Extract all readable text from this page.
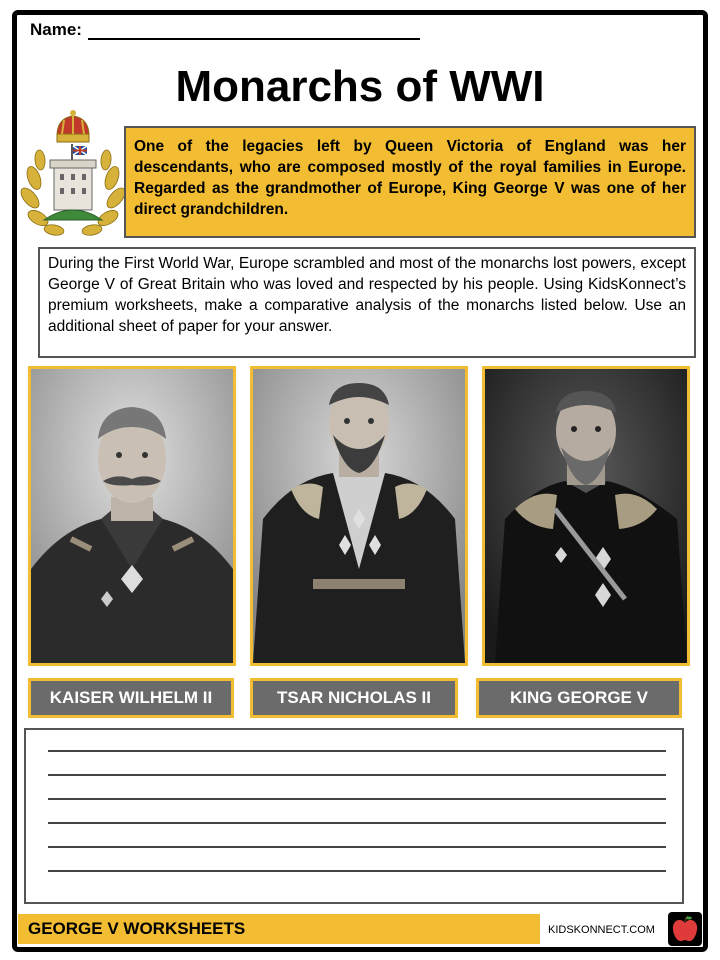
Name:
Monarchs of WWI
One of the legacies left by Queen Victoria of England was her descendants, who are composed mostly of the royal families in Europe. Regarded as the grandmother of Europe, King George V was one of her direct grandchildren.
During the First World War, Europe scrambled and most of the monarchs lost powers, except George V of Great Britain who was loved and respected by his people. Using KidsKonnect’s premium worksheets, make a comparative analysis of the monarchs listed below. Use an additional sheet of paper for your answer.
KAISER WILHELM II	TSAR NICHOLAS II	KING GEORGE V
GEORGE V WORKSHEETS	KIDSKONNECT.COM
